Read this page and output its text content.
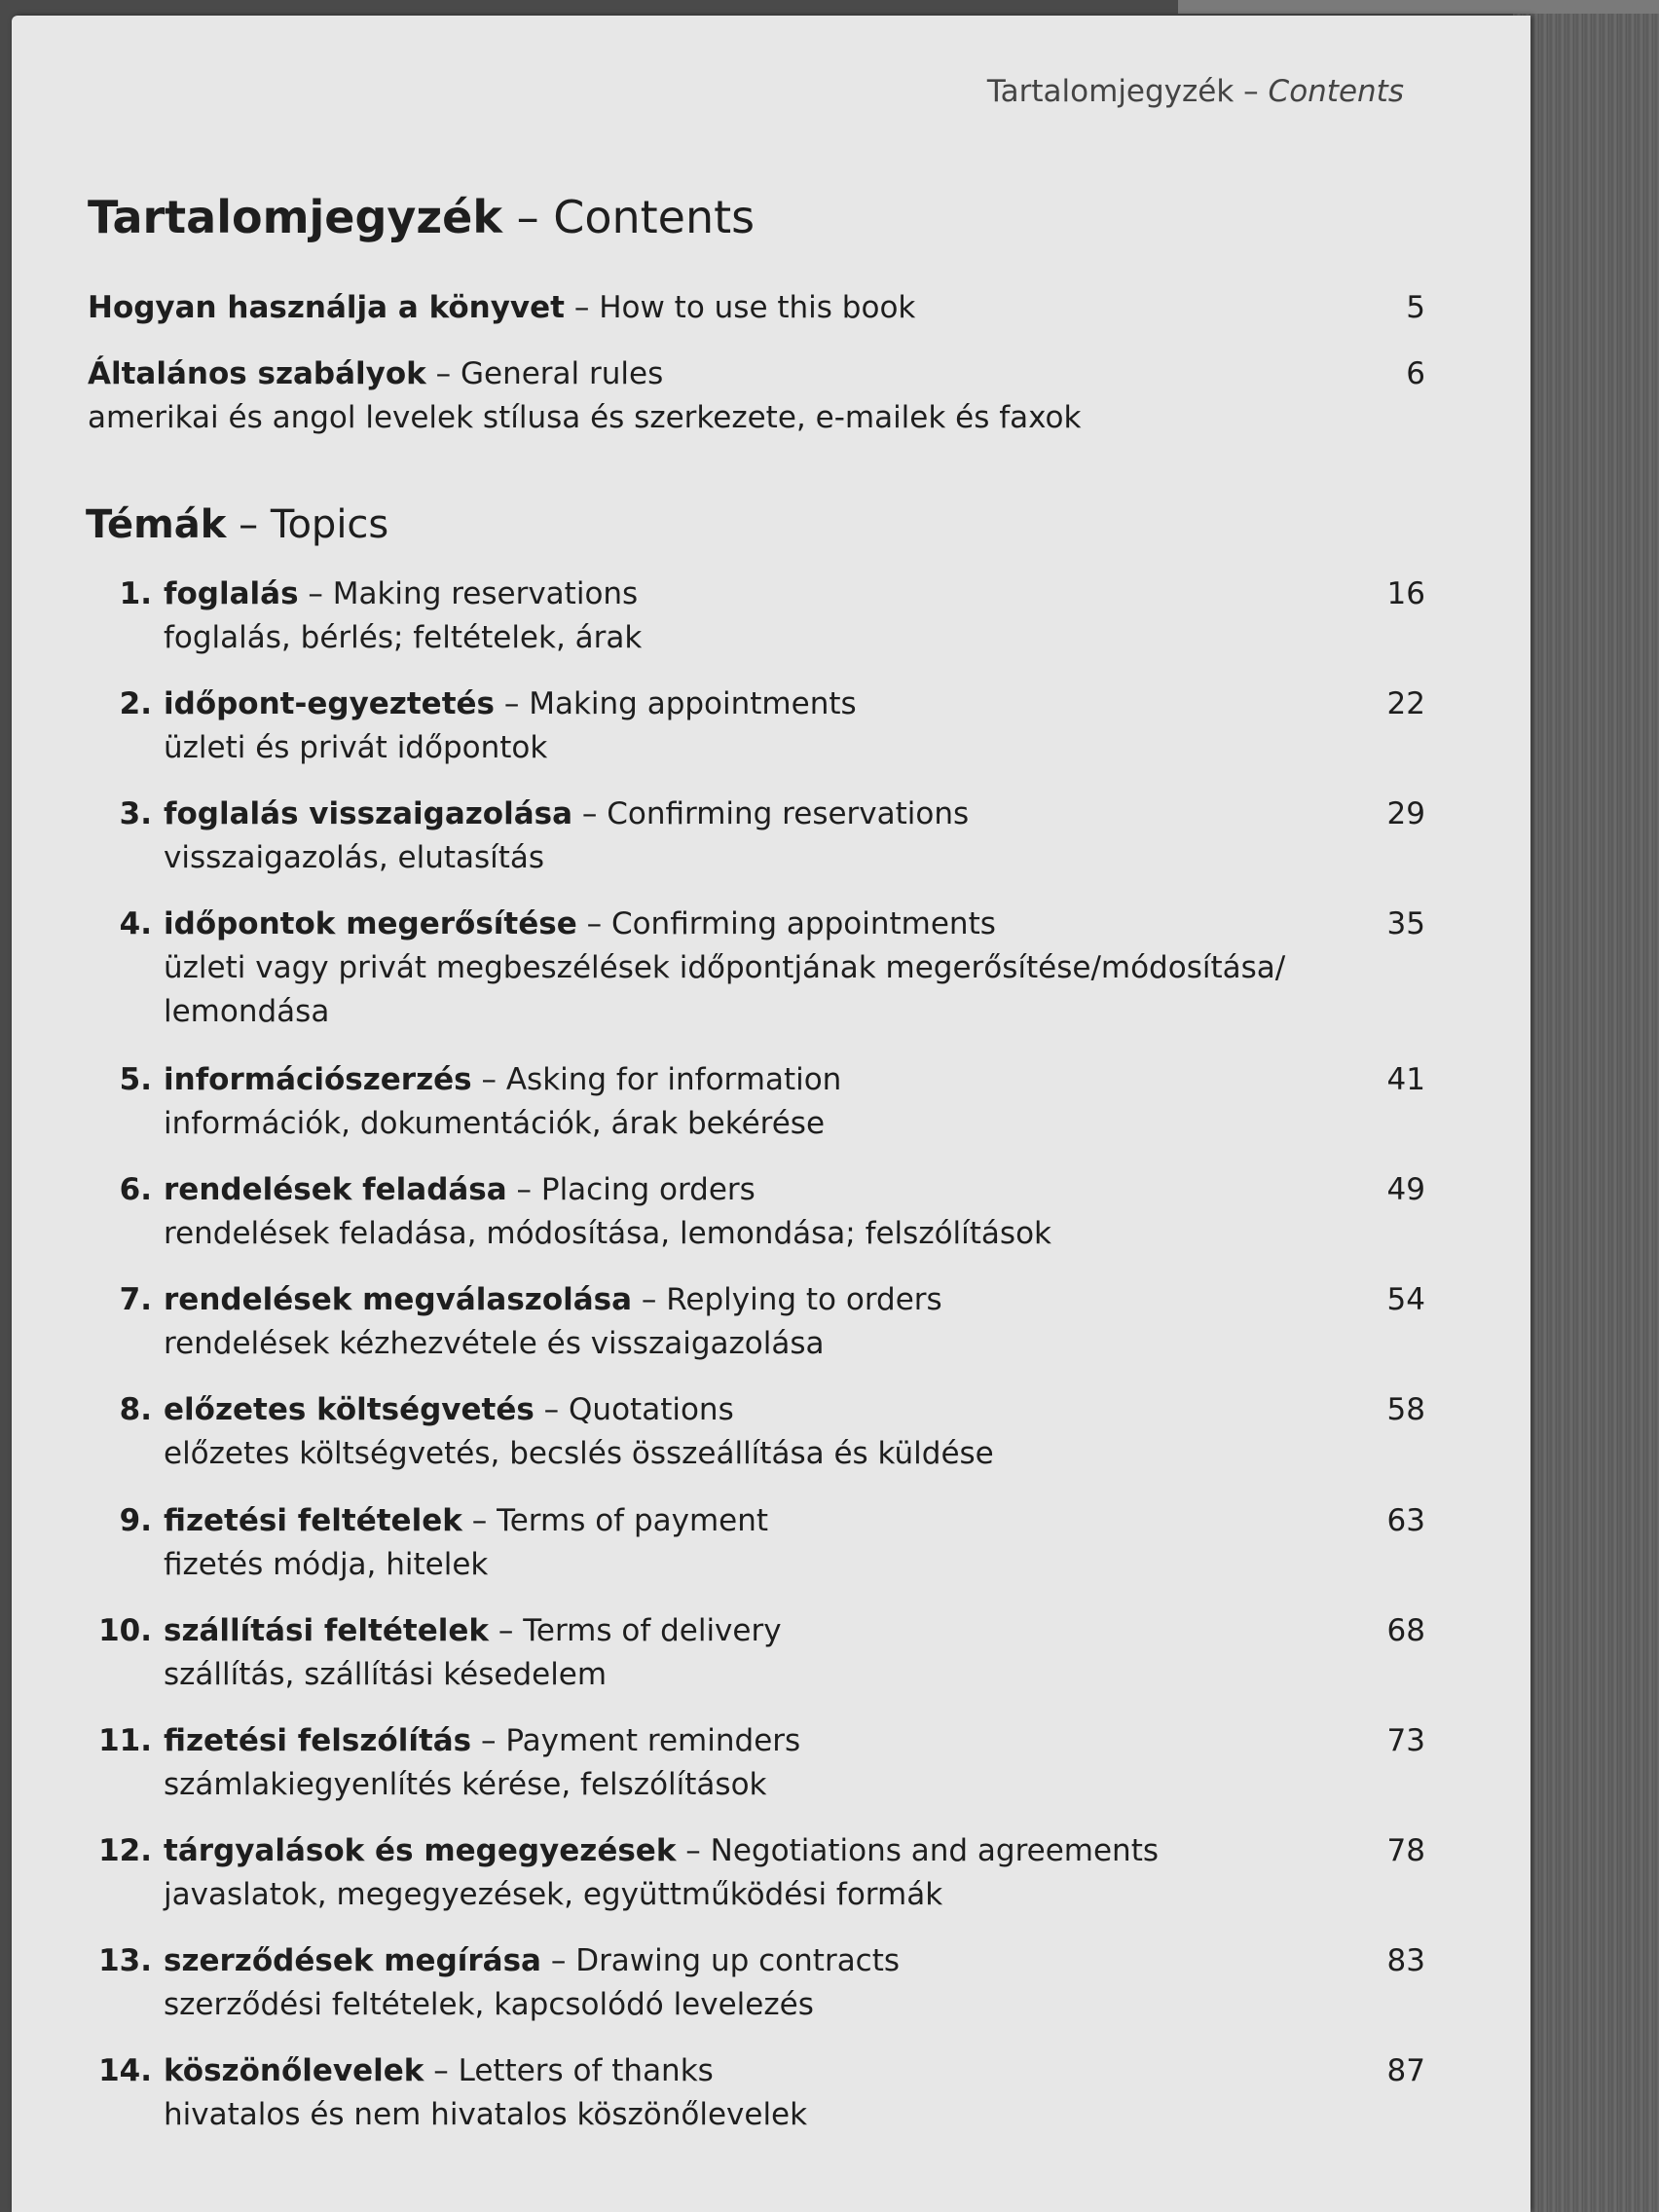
Tartalomjegyzék – Contents
Tartalomjegyzék – Contents
Hogyan használja a könyvet – How to use this book	5
Általános szabályok – General rules	6
amerikai és angol levelek stílusa és szerkezete, e-mailek és faxok
Témák – Topics
1. foglalás – Making reservations	16
foglalás, bérlés; feltételek, árak
2. időpont-egyeztetés – Making appointments	22
üzleti és privát időpontok
3. foglalás visszaigazolása – Confirming reservations	29
visszaigazolás, elutasítás
4. időpontok megerősítése – Confirming appointments	35
üzleti vagy privát megbeszélések időpontjának megerősítése/módosítása/ lemondása
5. információszerzés – Asking for information	41
információk, dokumentációk, árak bekérése
6. rendelések feladása – Placing orders	49
rendelések feladása, módosítása, lemondása; felszólítások
7. rendelések megválaszolása – Replying to orders	54
rendelések kézhezvétele és visszaigazolása
8. előzetes költségvetés – Quotations	58
előzetes költségvetés, becslés összeállítása és küldése
9. fizetési feltételek – Terms of payment	63
fizetés módja, hitelek
10. szállítási feltételek – Terms of delivery	68
szállítás, szállítási késedelem
11. fizetési felszólítás – Payment reminders	73
számlakiegyenlítés kérése, felszólítások
12. tárgyalások és megegyezések – Negotiations and agreements	78
javaslatok, megegyezések, együttműködési formák
13. szerződések megírása – Drawing up contracts	83
szerződési feltételek, kapcsolódó levelezés
14. köszönőlevelek – Letters of thanks	87
hivatalos és nem hivatalos köszönőlevelek
